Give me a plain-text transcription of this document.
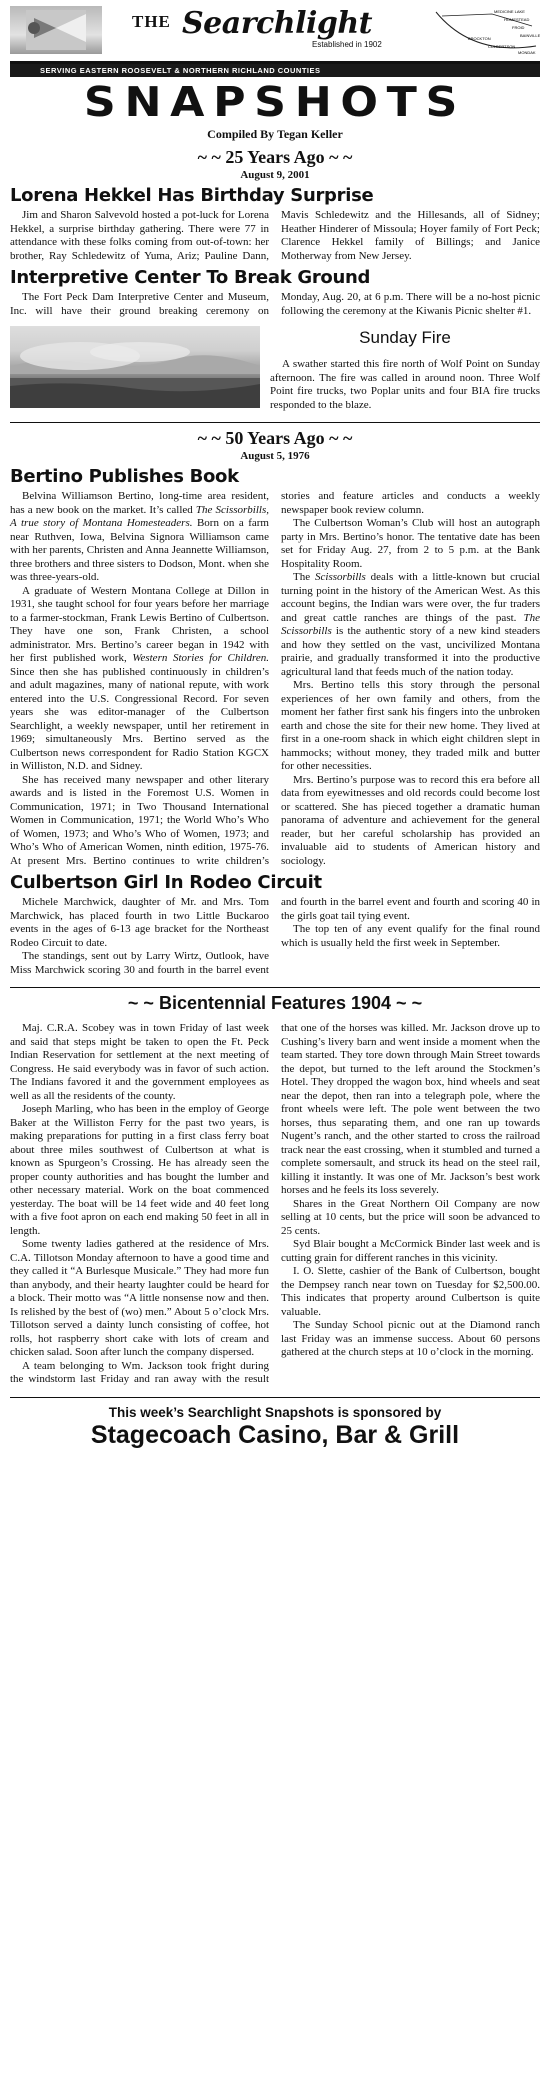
THE Searchlight
Established in 1902
MEDICINE LAKE
HOMESTEAD
FROID
BAINVILLE
BROCKTON
CULBERTSON
MONDAK
SERVING EASTERN ROOSEVELT & NORTHERN RICHLAND COUNTIES
SNAPSHOTS
Compiled By Tegan Keller
~ ~ 25 Years Ago ~ ~
August 9, 2001
Lorena Hekkel Has Birthday Surprise

Jim and Sharon Salvevold hosted a pot-luck for Lorena Hekkel, a surprise birthday gathering. There were 77 in attendance with these folks coming from out-of-town: her brother, Ray Schledewitz of Yuma, Ariz; Pauline Dann, Mavis Schledewitz and the Hillesands, all of Sidney; Heather Hinderer of Missoula; Hoyer family of Fort Peck; Clarence Hekkel family of Billings; and Janice Motherway from New Jersey.

Interpretive Center To Break Ground

The Fort Peck Dam Interpretive Center and Museum, Inc. will have their ground breaking ceremony on Monday, Aug. 20, at 6 p.m. There will be a no-host picnic following the ceremony at the Kiwanis Picnic shelter #1.

Sunday Fire

A swather started this fire north of Wolf Point on Sunday afternoon. The fire was called in around noon. Three Wolf Point fire trucks, two Poplar units and four BIA fire trucks responded to the blaze.

~ ~ 50 Years Ago ~ ~
August 5, 1976
Bertino Publishes Book

Belvina Williamson Bertino, long-time area resident, has a new book on the market. It’s called The Scissorbills, A true story of Montana Homesteaders. Born on a farm near Ruthven, Iowa, Belvina Signora Williamson came with her parents, Christen and Anna Jeannette Williamson, three brothers and three sisters to Dodson, Mont. when she was three-years-old.

A graduate of Western Montana College at Dillon in 1931, she taught school for four years before her marriage to a farmer-stockman, Frank Lewis Bertino of Culbertson. They have one son, Frank Christen, a school administrator. Mrs. Bertino’s career began in 1942 with her first published work, Western Stories for Children. Since then she has published continuously in children’s and adult magazines, many of national repute, with work entered into the U.S. Congressional Record. For seven years she was editor-manager of the Culbertson Searchlight, a weekly newspaper, until her retirement in 1969; simultaneously Mrs. Bertino served as the Culbertson news correspondent for Radio Station KGCX in Williston, N.D. and Sidney.

She has received many newspaper and other literary awards and is listed in the Foremost U.S. Women in Communication, 1971; in Two Thousand International Women in Communication, 1971; the World Who’s Who of Women, 1973; and Who’s Who of Women, 1973; and Who’s Who of American Women, ninth edition, 1975-76. At present Mrs. Bertino continues to write children’s stories and feature articles and conducts a weekly newspaper book review column.

The Culbertson Woman’s Club will host an autograph party in Mrs. Bertino’s honor. The tentative date has been set for Friday Aug. 27, from 2 to 5 p.m. at the Bank Hospitality Room.

The Scissorbills deals with a little-known but crucial turning point in the history of the American West. As this account begins, the Indian wars were over, the fur traders and great cattle ranches are things of the past. The Scissorbills is the authentic story of a new kind steaders and how they settled on the vast, uncivilized Montana prairie, and gradually transformed it into the productive agricultural land that feeds much of the nation today.

Mrs. Bertino tells this story through the personal experiences of her own family and others, from the moment her father first sank his fingers into the unbroken earth and chose the site for their new home. They lived at first in a one-room shack in which eight children slept in hammocks; without money, they traded milk and butter for other necessities.

Mrs. Bertino’s purpose was to record this era before all data from eyewitnesses and old records could become lost or scattered. She has pieced together a dramatic human panorama of adventure and achievement for the general reader, but her careful scholarship has provided an invaluable aid to students of American history and sociology.

Culbertson Girl In Rodeo Circuit

Michele Marchwick, daughter of Mr. and Mrs. Tom Marchwick, has placed fourth in two Little Buckaroo events in the ages of 6-13 age bracket for the Northeast Rodeo Circuit to date.

The standings, sent out by Larry Wirtz, Outlook, have Miss Marchwick scoring 30 and fourth in the barrel event and fourth in the barrel event and fourth and scoring 40 in the girls goat tail tying event.

The top ten of any event qualify for the final round which is usually held the first week in September.

~ ~ Bicentennial Features 1904 ~ ~

Maj. C.R.A. Scobey was in town Friday of last week and said that steps might be taken to open the Ft. Peck Indian Reservation for settlement at the next meeting of Congress. He said everybody was in favor of such action. The Indians favored it and the government employees as well as all the residents of the county.

Joseph Marling, who has been in the employ of George Baker at the Williston Ferry for the past two years, is making preparations for putting in a first class ferry boat about three miles southwest of Culbertson at what is known as Spurgeon’s Crossing. He has already seen the proper county authorities and has bought the lumber and other necessary material. Work on the boat commenced yesterday. The boat will be 14 feet wide and 40 feet long with a five foot apron on each end making 50 feet in all in length.

Some twenty ladies gathered at the residence of Mrs. C.A. Tillotson Monday afternoon to have a good time and they called it “A Burlesque Musicale.” They had more fun than anybody, and their hearty laughter could be heard for a block. Their motto was “A little nonsense now and then. Is relished by the best of (wo) men.” About 5 o’clock Mrs. Tillotson served a dainty lunch consisting of coffee, hot rolls, hot raspberry short cake with lots of cream and chicken salad. Soon after lunch the company dispersed.

A team belonging to Wm. Jackson took fright during the windstorm last Friday and ran away with the result that one of the horses was killed. Mr. Jackson drove up to Cushing’s livery barn and went inside a moment when the team started. They tore down through Main Street towards the depot, but turned to the left around the Stockmen’s Hotel. They dropped the wagon box, hind wheels and seat near the depot, then ran into a telegraph pole, where the front wheels were left. The pole went between the two horses, thus separating them, and one ran up towards Nugent’s ranch, and the other started to cross the railroad track near the east crossing, when it stumbled and turned a complete somersault, and struck its head on the steel rail, killing it instantly. It was one of Mr. Jackson’s best work horses and he feels its loss severely.

Shares in the Great Northern Oil Company are now selling at 10 cents, but the price will soon be advanced to 25 cents.

Syd Blair bought a McCormick Binder last week and is cutting grain for different ranches in this vicinity.

I. O. Slette, cashier of the Bank of Culbertson, bought the Dempsey ranch near town on Tuesday for $2,500.00. This indicates that property around Culbertson is quite valuable.

The Sunday School picnic out at the Diamond ranch last Friday was an immense success. About 60 persons gathered at the church steps at 10 o’clock in the morning.

This week’s Searchlight Snapshots is sponsored by
Stagecoach Casino, Bar & Grill
